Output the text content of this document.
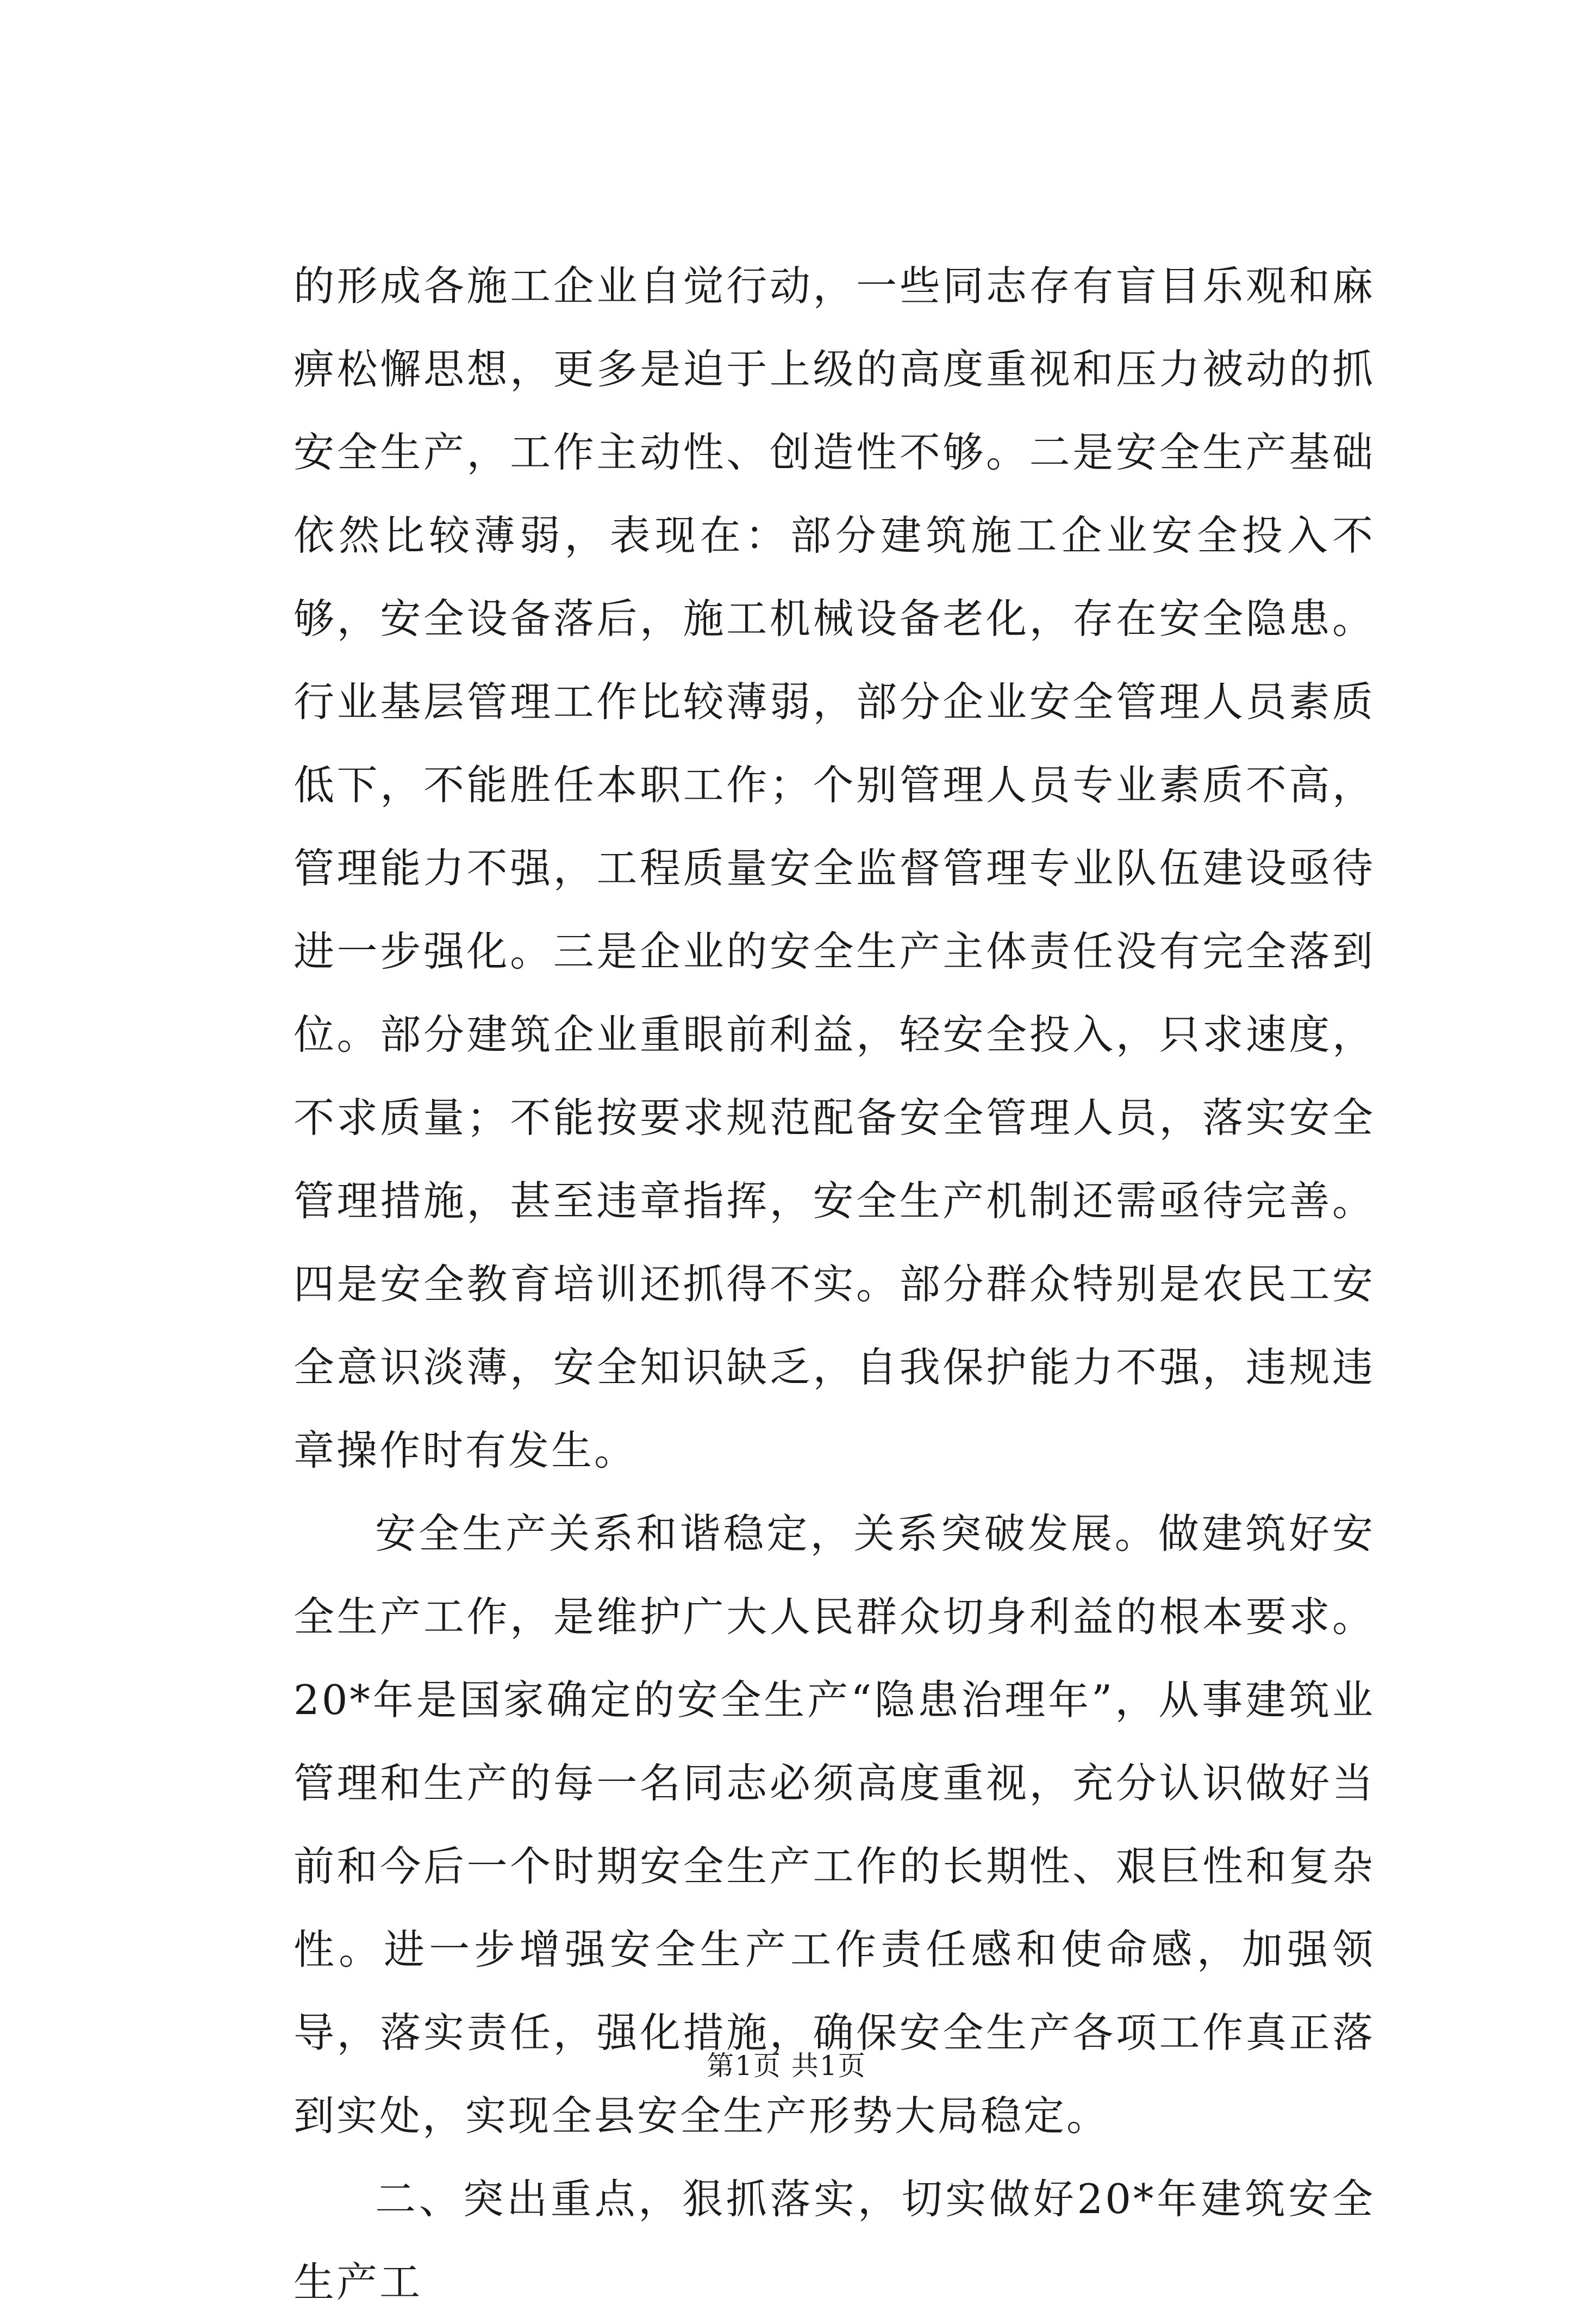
的形成各施工企业自觉行动，一些同志存有盲目乐观和麻痹松懈思想，更多是迫于上级的高度重视和压力被动的抓安全生产，工作主动性、创造性不够。二是安全生产基础依然比较薄弱，表现在：部分建筑施工企业安全投入不够，安全设备落后，施工机械设备老化，存在安全隐患。行业基层管理工作比较薄弱，部分企业安全管理人员素质低下，不能胜任本职工作；个别管理人员专业素质不高，管理能力不强，工程质量安全监督管理专业队伍建设亟待进一步强化。三是企业的安全生产主体责任没有完全落到位。部分建筑企业重眼前利益，轻安全投入，只求速度，不求质量；不能按要求规范配备安全管理人员，落实安全管理措施，甚至违章指挥，安全生产机制还需亟待完善。四是安全教育培训还抓得不实。部分群众特别是农民工安全意识淡薄，安全知识缺乏，自我保护能力不强，违规违章操作时有发生。

安全生产关系和谐稳定，关系突破发展。做建筑好安全生产工作，是维护广大人民群众切身利益的根本要求。20*年是国家确定的安全生产“隐患治理年”，从事建筑业管理和生产的每一名同志必须高度重视，充分认识做好当前和今后一个时期安全生产工作的长期性、艰巨性和复杂性。进一步增强安全生产工作责任感和使命感，加强领导，落实责任，强化措施，确保安全生产各项工作真正落到实处，实现全县安全生产形势大局稳定。

二、突出重点，狠抓落实，切实做好20*年建筑安全生产工

第1页 共1页
